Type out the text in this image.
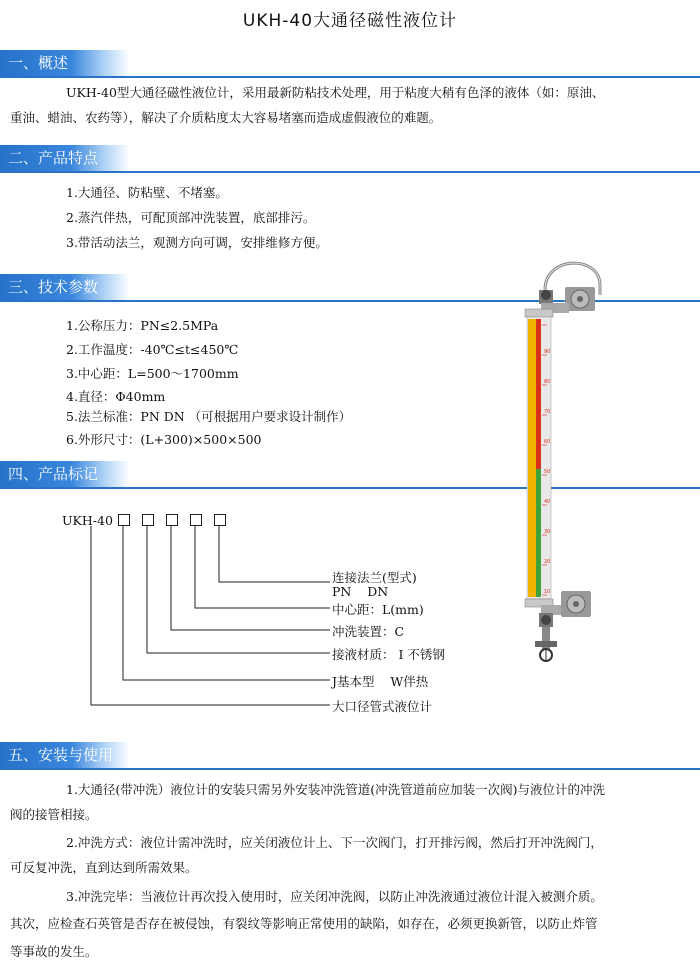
UKH-40大通径磁性液位计
一、概述
UKH-40型大通径磁性液位计，采用最新防粘技术处理，用于粘度大稍有色泽的液体（如：原油、
重油、蜡油、农药等），解决了介质粘度太大容易堵塞而造成虚假液位的难题。
二、产品特点
1.大通径、防粘壁、不堵塞。
2.蒸汽伴热，可配顶部冲洗装置，底部排污。
3.带活动法兰，观测方向可调，安排维修方便。
三、技术参数
1.公称压力：PN≤2.5MPa
2.工作温度：-40℃≤t≤450℃
3.中心距：L=500～1700mm
4.直径：Φ40mm
5.法兰标准：PN DN （可根据用户要求设计制作）
6.外形尺寸：(L+300)×500×500
四、产品标记
UKH-40
连接法兰(型式)
PN    DN
中心距：L(mm)
冲洗装置：C
接液材质： I 不锈钢
J基本型    W伴热
大口径管式液位计
90
80
70
60
50
40
30
20
10
五、安装与使用
1.大通径(带冲洗）液位计的安装只需另外安装冲洗管道(冲洗管道前应加装一次阀)与液位计的冲洗
阀的接管相接。
2.冲洗方式：液位计需冲洗时，应关闭液位计上、下一次阀门，打开排污阀，然后打开冲洗阀门，
可反复冲洗，直到达到所需效果。
3.冲洗完毕：当液位计再次投入使用时，应关闭冲洗阀，以防止冲洗液通过液位计混入被测介质。
其次，应检查石英管是否存在被侵蚀，有裂纹等影响正常使用的缺陷，如存在，必须更换新管，以防止炸管
等事故的发生。
